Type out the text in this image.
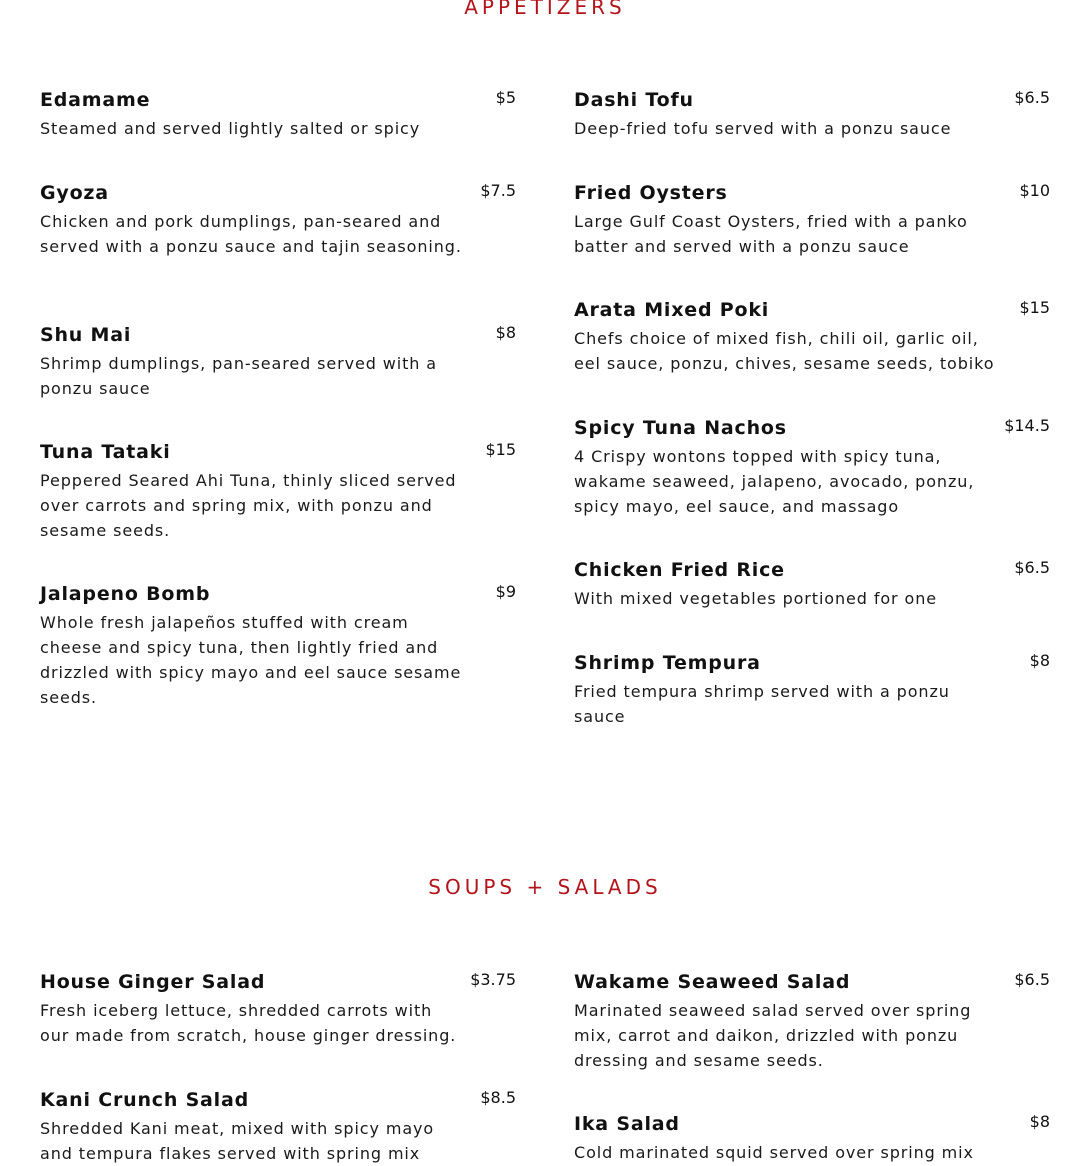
APPETIZERS
Edamame	$5
Steamed and served lightly salted or spicy
Gyoza	$7.5
Chicken and pork dumplings, pan-seared and served with a ponzu sauce and tajin seasoning.
Shu Mai	$8
Shrimp dumplings, pan-seared served with a ponzu sauce
Tuna Tataki	$15
Peppered Seared Ahi Tuna, thinly sliced served over carrots and spring mix, with ponzu and sesame seeds.
Jalapeno Bomb	$9
Whole fresh jalapeños stuffed with cream cheese and spicy tuna, then lightly fried and drizzled with spicy mayo and eel sauce sesame seeds.
Dashi Tofu	$6.5
Deep-fried tofu served with a ponzu sauce
Fried Oysters	$10
Large Gulf Coast Oysters, fried with a panko batter and served with a ponzu sauce
Arata Mixed Poki	$15
Chefs choice of mixed fish, chili oil, garlic oil, eel sauce, ponzu, chives, sesame seeds, tobiko
Spicy Tuna Nachos	$14.5
4 Crispy wontons topped with spicy tuna, wakame seaweed, jalapeno, avocado, ponzu, spicy mayo, eel sauce, and massago
Chicken Fried Rice	$6.5
With mixed vegetables portioned for one
Shrimp Tempura	$8
Fried tempura shrimp served with a ponzu sauce
SOUPS + SALADS
House Ginger Salad	$3.75
Fresh iceberg lettuce, shredded carrots with our made from scratch, house ginger dressing.
Kani Crunch Salad	$8.5
Shredded Kani meat, mixed with spicy mayo and tempura flakes served with spring mix
Wakame Seaweed Salad	$6.5
Marinated seaweed salad served over spring mix, carrot and daikon, drizzled with ponzu dressing and sesame seeds.
Ika Salad	$8
Cold marinated squid served over spring mix
